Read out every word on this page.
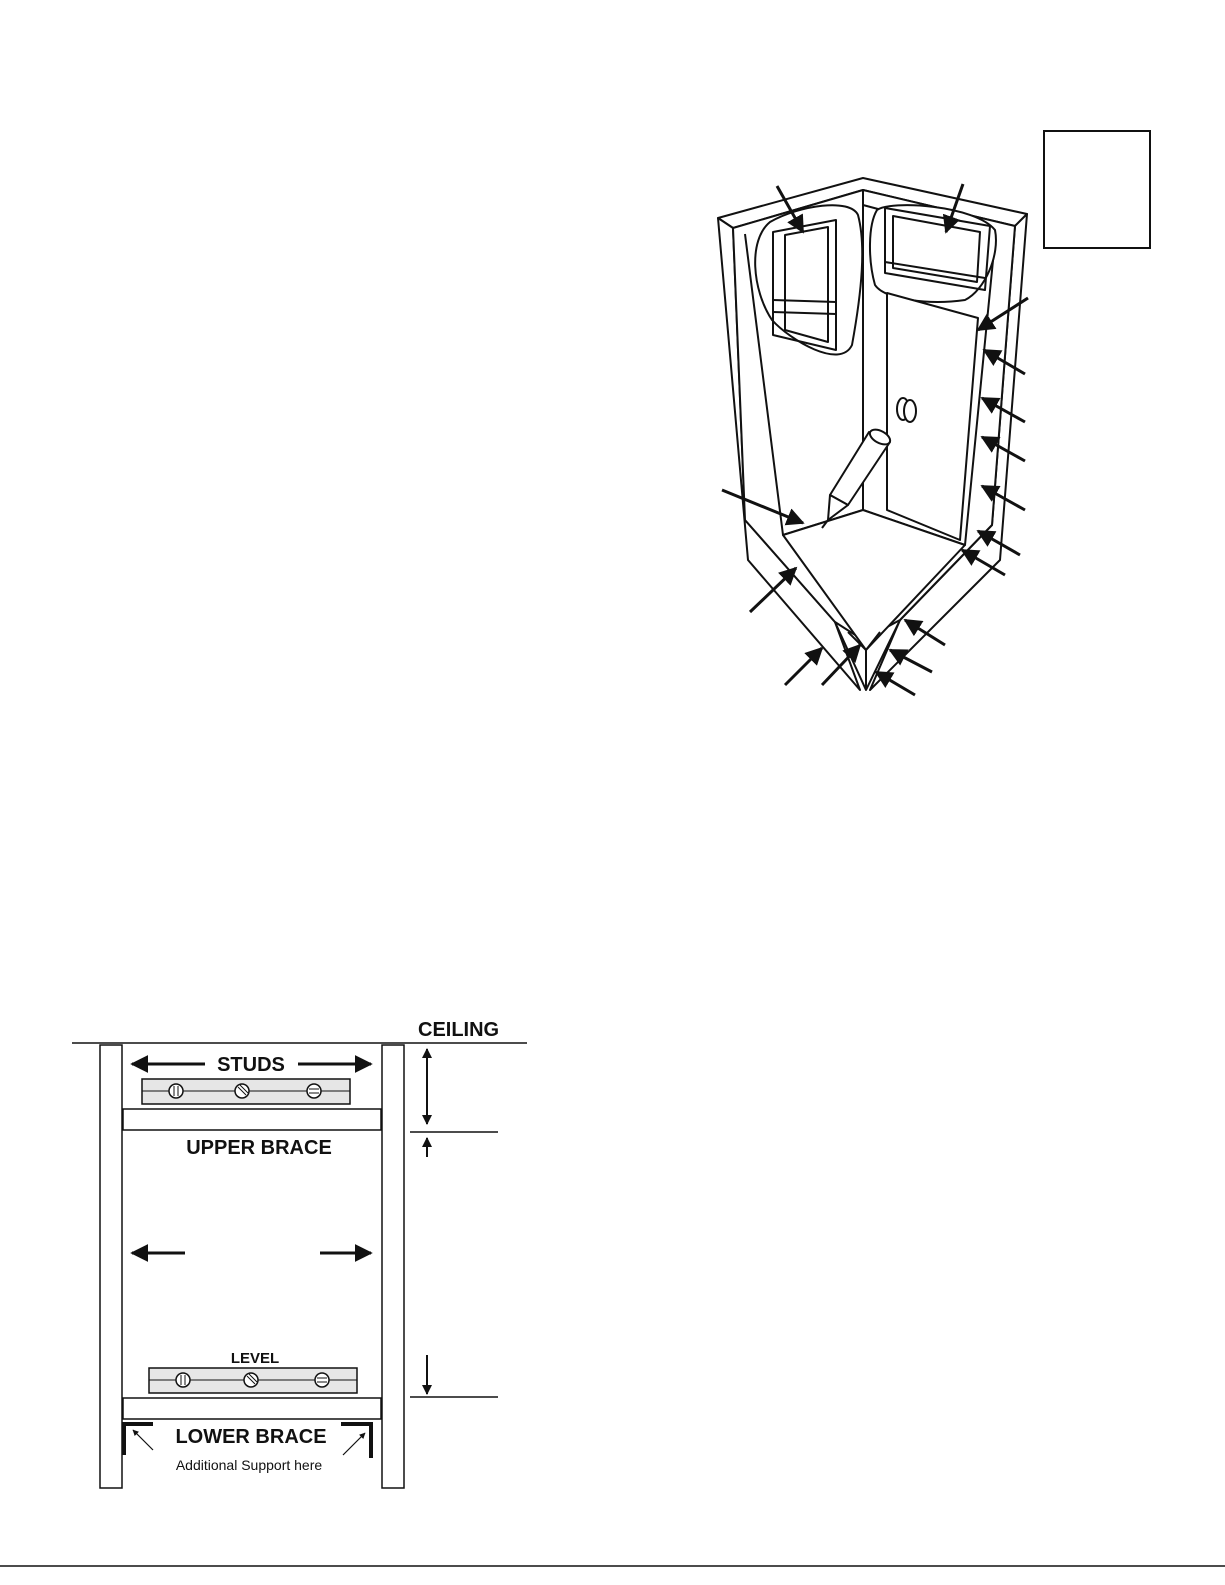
CEILING
STUDS
UPPER BRACE
LEVEL
LOWER BRACE
Additional Support here
